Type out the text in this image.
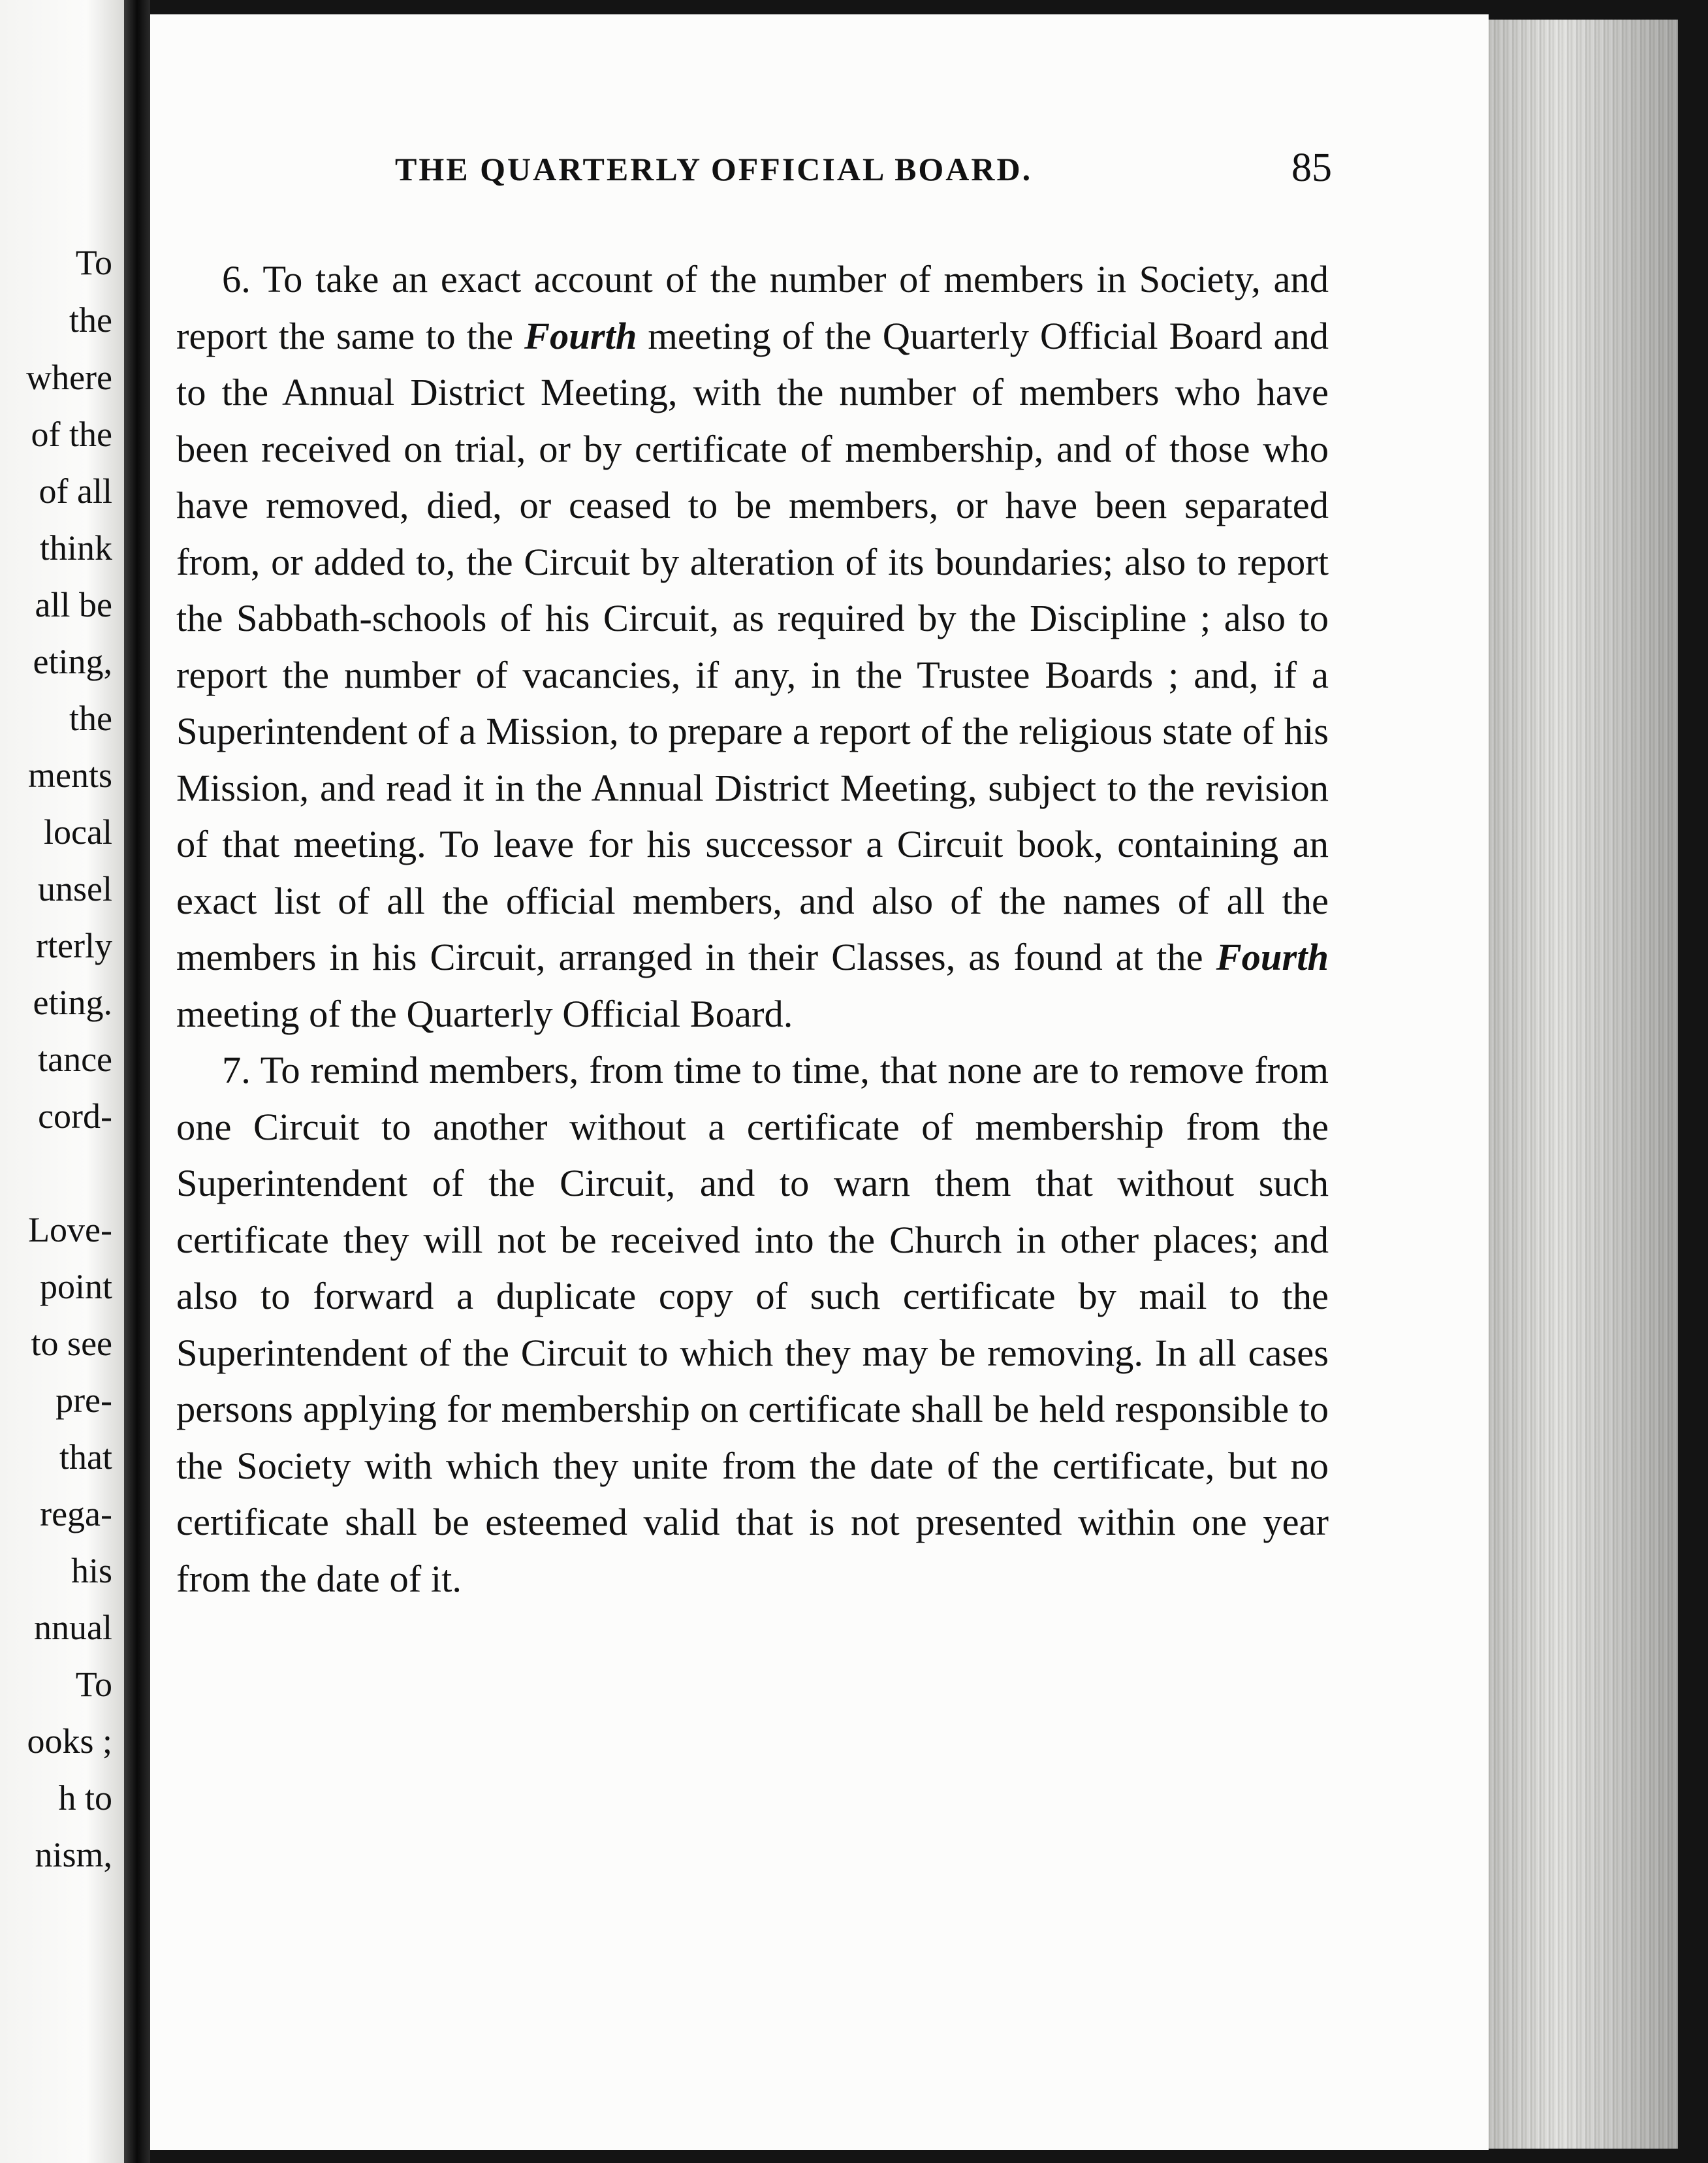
To
the
where
of the
of all
think
all be
eting,
the
ments
local
unsel
rterly
eting.
tance
cord-
Love-
point
to see
pre-
that
rega-
his
nnual
To
ooks ;
h to
nism,
THE QUARTERLY OFFICIAL BOARD.	85

6. To take an exact account of the number of members in Society, and report the same to the Fourth meeting of the Quarterly Official Board and to the Annual District Meeting, with the number of members who have been received on trial, or by certificate of membership, and of those who have removed, died, or ceased to be members, or have been separated from, or added to, the Circuit by alteration of its boundaries; also to report the Sabbath-schools of his Circuit, as required by the Discipline ; also to report the number of vacancies, if any, in the Trustee Boards ; and, if a Superintendent of a Mission, to prepare a report of the religious state of his Mission, and read it in the Annual District Meeting, subject to the revision of that meeting. To leave for his successor a Circuit book, containing an exact list of all the official members, and also of the names of all the members in his Circuit, arranged in their Classes, as found at the Fourth meeting of the Quarterly Official Board.

7. To remind members, from time to time, that none are to remove from one Circuit to another without a certificate of membership from the Superintendent of the Circuit, and to warn them that without such certificate they will not be received into the Church in other places; and also to forward a duplicate copy of such certificate by mail to the Superintendent of the Circuit to which they may be removing. In all cases persons applying for membership on certificate shall be held responsible to the Society with which they unite from the date of the certificate, but no certificate shall be esteemed valid that is not presented within one year from the date of it.
